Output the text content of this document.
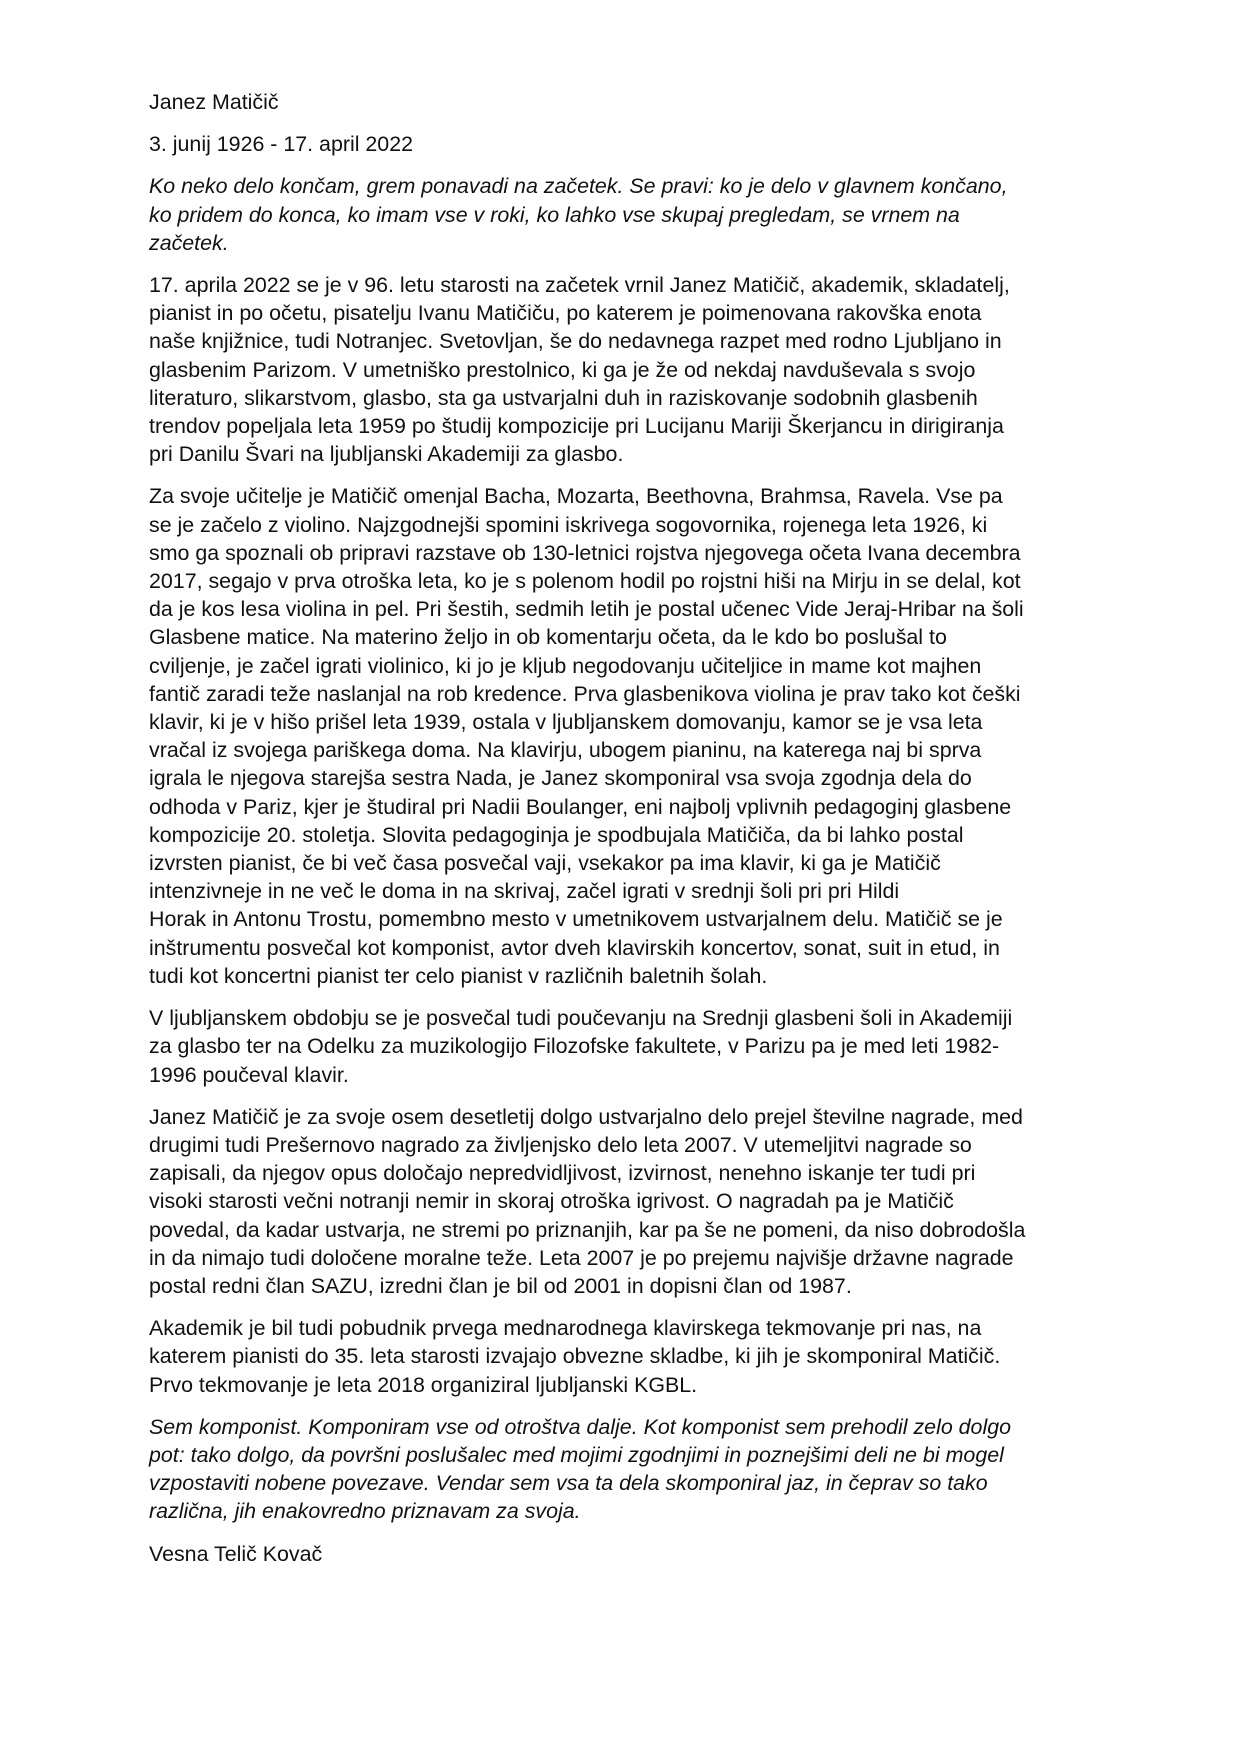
Janez Matičič

3. junij 1926 - 17. april 2022

Ko neko delo končam, grem ponavadi na začetek. Se pravi: ko je delo v glavnem končano,
ko pridem do konca, ko imam vse v roki, ko lahko vse skupaj pregledam, se vrnem na
začetek.

17. aprila 2022 se je v 96. letu starosti na začetek vrnil Janez Matičič, akademik, skladatelj,
pianist in po očetu, pisatelju Ivanu Matičiču, po katerem je poimenovana rakovška enota
naše knjižnice, tudi Notranjec. Svetovljan, še do nedavnega razpet med rodno Ljubljano in
glasbenim Parizom. V umetniško prestolnico, ki ga je že od nekdaj navduševala s svojo
literaturo, slikarstvom, glasbo, sta ga ustvarjalni duh in raziskovanje sodobnih glasbenih
trendov popeljala leta 1959 po študij kompozicije pri Lucijanu Mariji Škerjancu in dirigiranja
pri Danilu Švari na ljubljanski Akademiji za glasbo.

Za svoje učitelje je Matičič omenjal Bacha, Mozarta, Beethovna, Brahmsa, Ravela. Vse pa
se je začelo z violino. Najzgodnejši spomini iskrivega sogovornika, rojenega leta 1926, ki
smo ga spoznali ob pripravi razstave ob 130-letnici rojstva njegovega očeta Ivana decembra
2017, segajo v prva otroška leta, ko je s polenom hodil po rojstni hiši na Mirju in se delal, kot
da je kos lesa violina in pel. Pri šestih, sedmih letih je postal učenec Vide Jeraj-Hribar na šoli
Glasbene matice. Na materino željo in ob komentarju očeta, da le kdo bo poslušal to
cviljenje, je začel igrati violinico, ki jo je kljub negodovanju učiteljice in mame kot majhen
fantič zaradi teže naslanjal na rob kredence. Prva glasbenikova violina je prav tako kot češki
klavir, ki je v hišo prišel leta 1939, ostala v ljubljanskem domovanju, kamor se je vsa leta
vračal iz svojega pariškega doma. Na klavirju, ubogem pianinu, na katerega naj bi sprva
igrala le njegova starejša sestra Nada, je Janez skomponiral vsa svoja zgodnja dela do
odhoda v Pariz, kjer je študiral pri Nadii Boulanger, eni najbolj vplivnih pedagoginj glasbene
kompozicije 20. stoletja. Slovita pedagoginja je spodbujala Matičiča, da bi lahko postal
izvrsten pianist, če bi več časa posvečal vaji, vsekakor pa ima klavir, ki ga je Matičič
intenzivneje in ne več le doma in na skrivaj, začel igrati v srednji šoli pri pri Hildi
Horak in Antonu Trostu, pomembno mesto v umetnikovem ustvarjalnem delu. Matičič se je
inštrumentu posvečal kot komponist, avtor dveh klavirskih koncertov, sonat, suit in etud, in
tudi kot koncertni pianist ter celo pianist v različnih baletnih šolah.

V ljubljanskem obdobju se je posvečal tudi poučevanju na Srednji glasbeni šoli in Akademiji
za glasbo ter na Odelku za muzikologijo Filozofske fakultete, v Parizu pa je med leti 1982-
1996 poučeval klavir.

Janez Matičič je za svoje osem desetletij dolgo ustvarjalno delo prejel številne nagrade, med
drugimi tudi Prešernovo nagrado za življenjsko delo leta 2007. V utemeljitvi nagrade so
zapisali, da njegov opus določajo nepredvidljivost, izvirnost, nenehno iskanje ter tudi pri
visoki starosti večni notranji nemir in skoraj otroška igrivost. O nagradah pa je Matičič
povedal, da kadar ustvarja, ne stremi po priznanjih, kar pa še ne pomeni, da niso dobrodošla
in da nimajo tudi določene moralne teže. Leta 2007 je po prejemu najvišje državne nagrade
postal redni član SAZU, izredni član je bil od 2001 in dopisni član od 1987.

Akademik je bil tudi pobudnik prvega mednarodnega klavirskega tekmovanje pri nas, na
katerem pianisti do 35. leta starosti izvajajo obvezne skladbe, ki jih je skomponiral Matičič.
Prvo tekmovanje je leta 2018 organiziral ljubljanski KGBL.

Sem komponist. Komponiram vse od otroštva dalje. Kot komponist sem prehodil zelo dolgo
pot: tako dolgo, da površni poslušalec med mojimi zgodnjimi in poznejšimi deli ne bi mogel
vzpostaviti nobene povezave. Vendar sem vsa ta dela skomponiral jaz, in čeprav so tako
različna, jih enakovredno priznavam za svoja.

Vesna Telič Kovač
